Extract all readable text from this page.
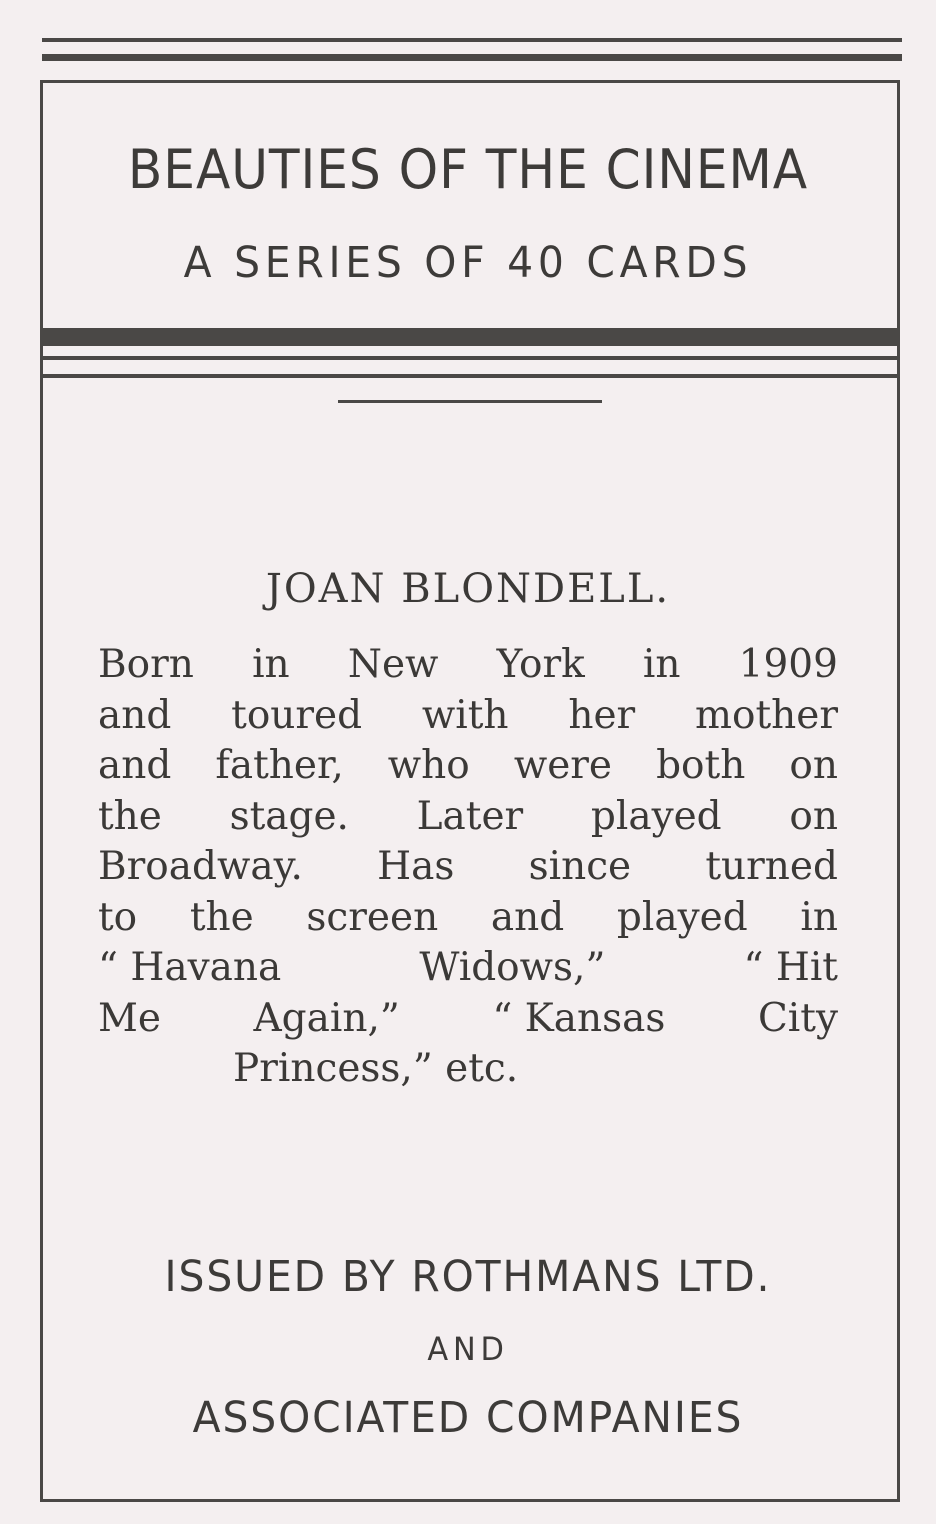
BEAUTIES OF THE CINEMA
A SERIES OF 40 CARDS
JOAN BLONDELL.
Born in New York in 1909
and toured with her mother
and father, who were both on
the stage. Later played on
Broadway. Has since turned
to the screen and played in
“ Havana	Widows,”	“ Hit
Me Again,” “ Kansas City
Princess,” etc.
ISSUED BY ROTHMANS LTD.
AND
ASSOCIATED COMPANIES
